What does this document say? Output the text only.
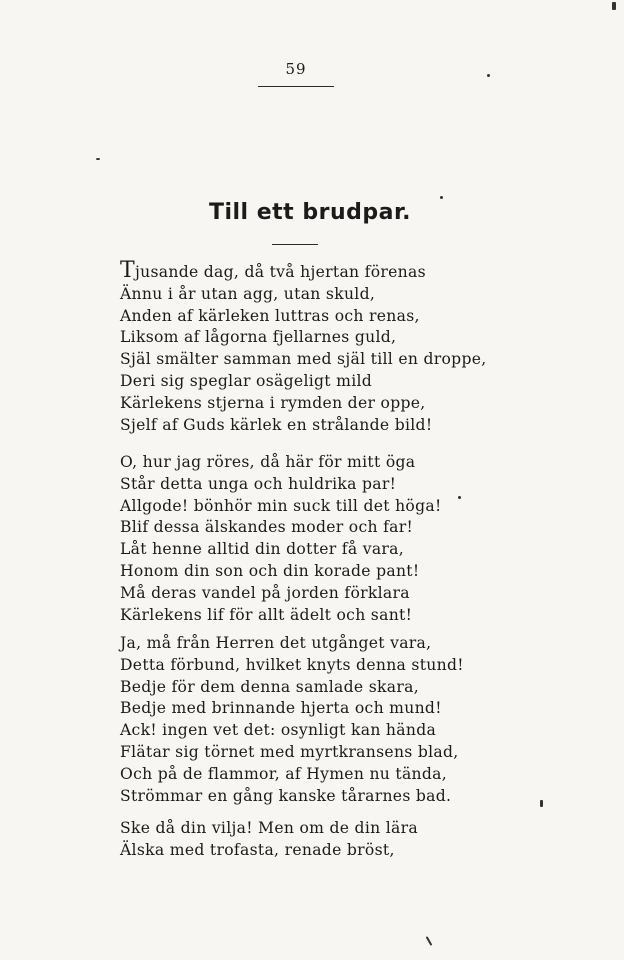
59
Till ett brudpar.
Tjusande dag, då två hjertan förenas
Ännu i år utan agg, utan skuld,
Anden af kärleken luttras och renas,
Liksom af lågorna fjellarnes guld,
Själ smälter samman med själ till en droppe,
Deri sig speglar osägeligt mild
Kärlekens stjerna i rymden der oppe,
Sjelf af Guds kärlek en strålande bild!
O, hur jag röres, då här för mitt öga
Står detta unga och huldrika par!
Allgode! bönhör min suck till det höga!
Blif dessa älskandes moder och far!
Låt henne alltid din dotter få vara,
Honom din son och din korade pant!
Må deras vandel på jorden förklara
Kärlekens lif för allt ädelt och sant!
Ja, må från Herren det utgånget vara,
Detta förbund, hvilket knyts denna stund!
Bedje för dem denna samlade skara,
Bedje med brinnande hjerta och mund!
Ack! ingen vet det: osynligt kan hända
Flätar sig törnet med myrtkransens blad,
Och på de flammor, af Hymen nu tända,
Strömmar en gång kanske tårarnes bad.
Ske då din vilja! Men om de din lära
Älska med trofasta, renade bröst,
